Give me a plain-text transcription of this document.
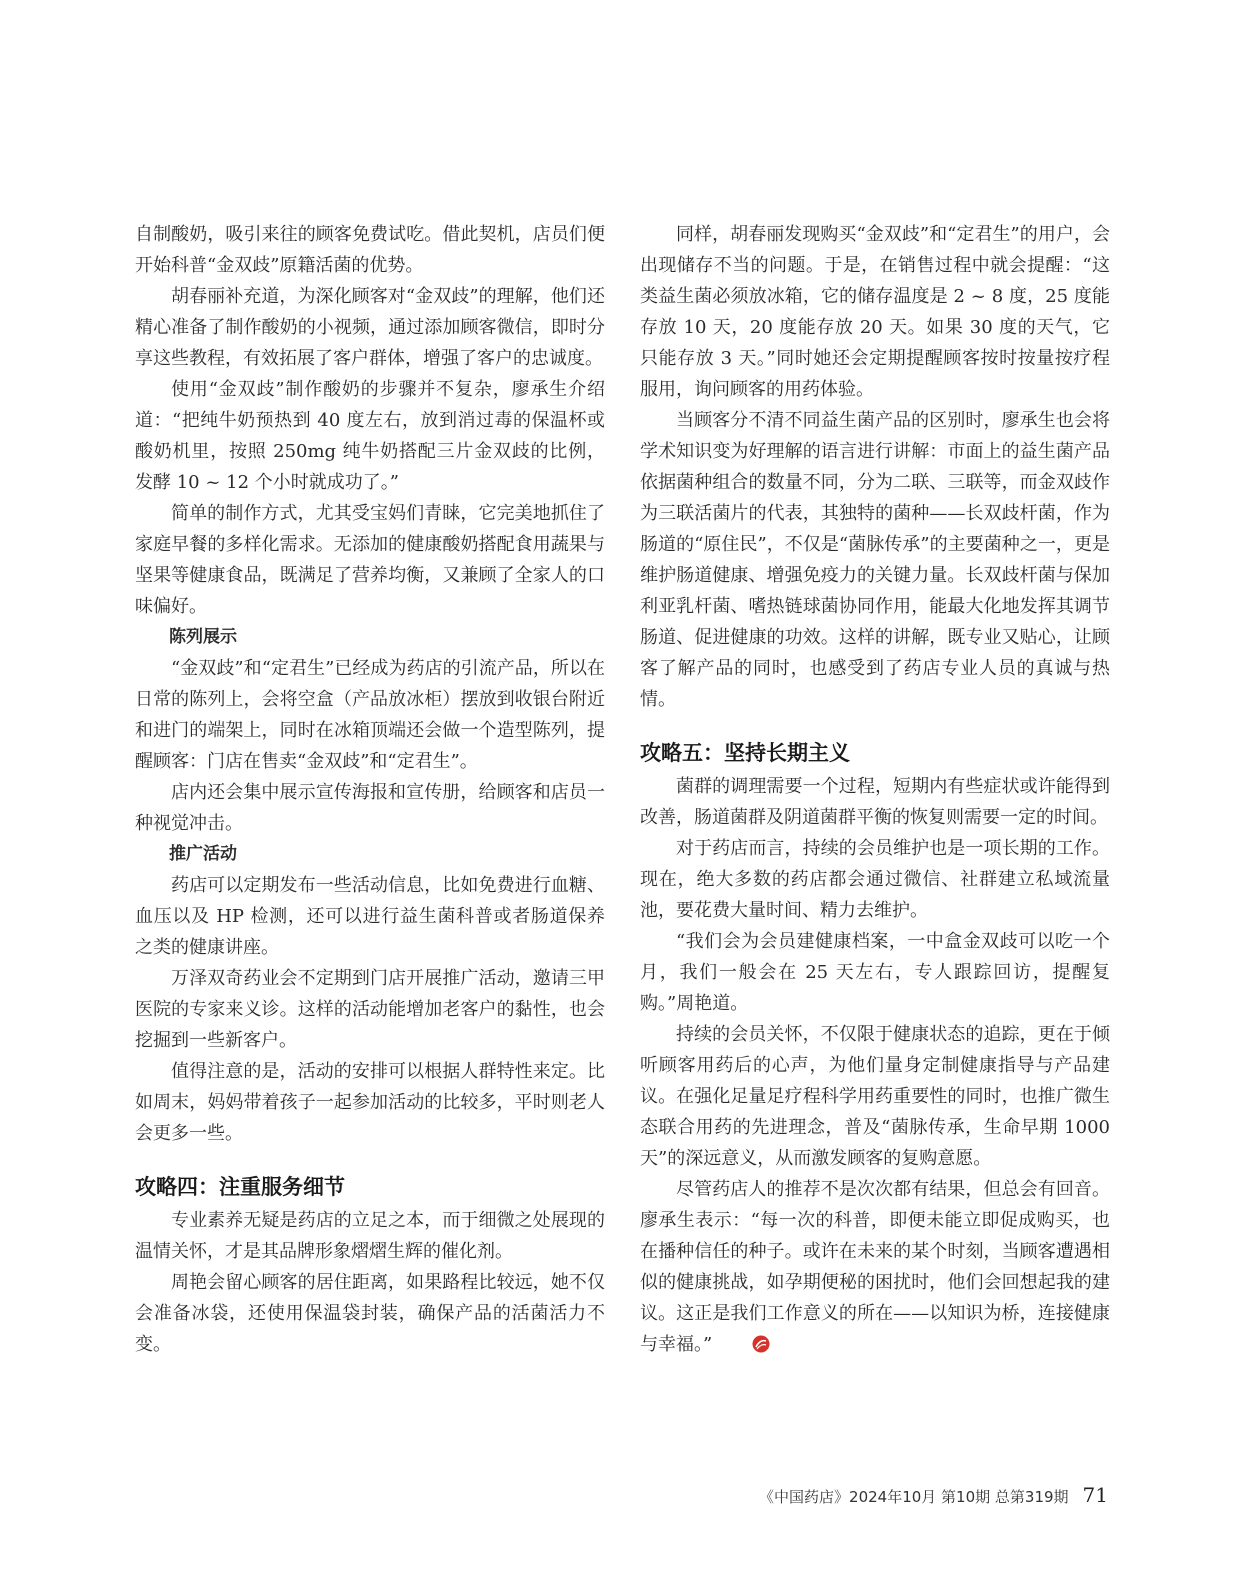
自制酸奶，吸引来往的顾客免费试吃。借此契机，店员们便开始科普“金双歧”原籍活菌的优势。

胡春丽补充道，为深化顾客对“金双歧”的理解，他们还精心准备了制作酸奶的小视频，通过添加顾客微信，即时分享这些教程，有效拓展了客户群体，增强了客户的忠诚度。

使用“金双歧”制作酸奶的步骤并不复杂，廖承生介绍道：“把纯牛奶预热到 40 度左右，放到消过毒的保温杯或酸奶机里，按照 250mg 纯牛奶搭配三片金双歧的比例，发酵 10 ~ 12 个小时就成功了。”

简单的制作方式，尤其受宝妈们青睐，它完美地抓住了家庭早餐的多样化需求。无添加的健康酸奶搭配食用蔬果与坚果等健康食品，既满足了营养均衡，又兼顾了全家人的口味偏好。

陈列展示

“金双歧”和“定君生”已经成为药店的引流产品，所以在日常的陈列上，会将空盒（产品放冰柜）摆放到收银台附近和进门的端架上，同时在冰箱顶端还会做一个造型陈列，提醒顾客：门店在售卖“金双歧”和“定君生”。

店内还会集中展示宣传海报和宣传册，给顾客和店员一种视觉冲击。

推广活动

药店可以定期发布一些活动信息，比如免费进行血糖、血压以及 HP 检测，还可以进行益生菌科普或者肠道保养之类的健康讲座。

万泽双奇药业会不定期到门店开展推广活动，邀请三甲医院的专家来义诊。这样的活动能增加老客户的黏性，也会挖掘到一些新客户。

值得注意的是，活动的安排可以根据人群特性来定。比如周末，妈妈带着孩子一起参加活动的比较多，平时则老人会更多一些。

攻略四：注重服务细节

专业素养无疑是药店的立足之本，而于细微之处展现的温情关怀，才是其品牌形象熠熠生辉的催化剂。

周艳会留心顾客的居住距离，如果路程比较远，她不仅会准备冰袋，还使用保温袋封装，确保产品的活菌活力不变。

同样，胡春丽发现购买“金双歧”和“定君生”的用户，会出现储存不当的问题。于是，在销售过程中就会提醒：“这类益生菌必须放冰箱，它的储存温度是 2 ~ 8 度，25 度能存放 10 天，20 度能存放 20 天。如果 30 度的天气，它只能存放 3 天。”同时她还会定期提醒顾客按时按量按疗程服用，询问顾客的用药体验。

当顾客分不清不同益生菌产品的区别时，廖承生也会将学术知识变为好理解的语言进行讲解：市面上的益生菌产品依据菌种组合的数量不同，分为二联、三联等，而金双歧作为三联活菌片的代表，其独特的菌种——长双歧杆菌，作为肠道的“原住民”，不仅是“菌脉传承”的主要菌种之一，更是维护肠道健康、增强免疫力的关键力量。长双歧杆菌与保加利亚乳杆菌、嗜热链球菌协同作用，能最大化地发挥其调节肠道、促进健康的功效。这样的讲解，既专业又贴心，让顾客了解产品的同时，也感受到了药店专业人员的真诚与热情。

攻略五：坚持长期主义

菌群的调理需要一个过程，短期内有些症状或许能得到改善，肠道菌群及阴道菌群平衡的恢复则需要一定的时间。

对于药店而言，持续的会员维护也是一项长期的工作。现在，绝大多数的药店都会通过微信、社群建立私域流量池，要花费大量时间、精力去维护。

“我们会为会员建健康档案，一中盒金双歧可以吃一个月，我们一般会在 25 天左右，专人跟踪回访，提醒复购。”周艳道。

持续的会员关怀，不仅限于健康状态的追踪，更在于倾听顾客用药后的心声，为他们量身定制健康指导与产品建议。在强化足量足疗程科学用药重要性的同时，也推广微生态联合用药的先进理念，普及“菌脉传承，生命早期 1000 天”的深远意义，从而激发顾客的复购意愿。

尽管药店人的推荐不是次次都有结果，但总会有回音。廖承生表示：“每一次的科普，即便未能立即促成购买，也在播种信任的种子。或许在未来的某个时刻，当顾客遭遇相似的健康挑战，如孕期便秘的困扰时，他们会回想起我的建议。这正是我们工作意义的所在——以知识为桥，连接健康与幸福。”

《中国药店》2024年10月 第10期 总第319期 71
